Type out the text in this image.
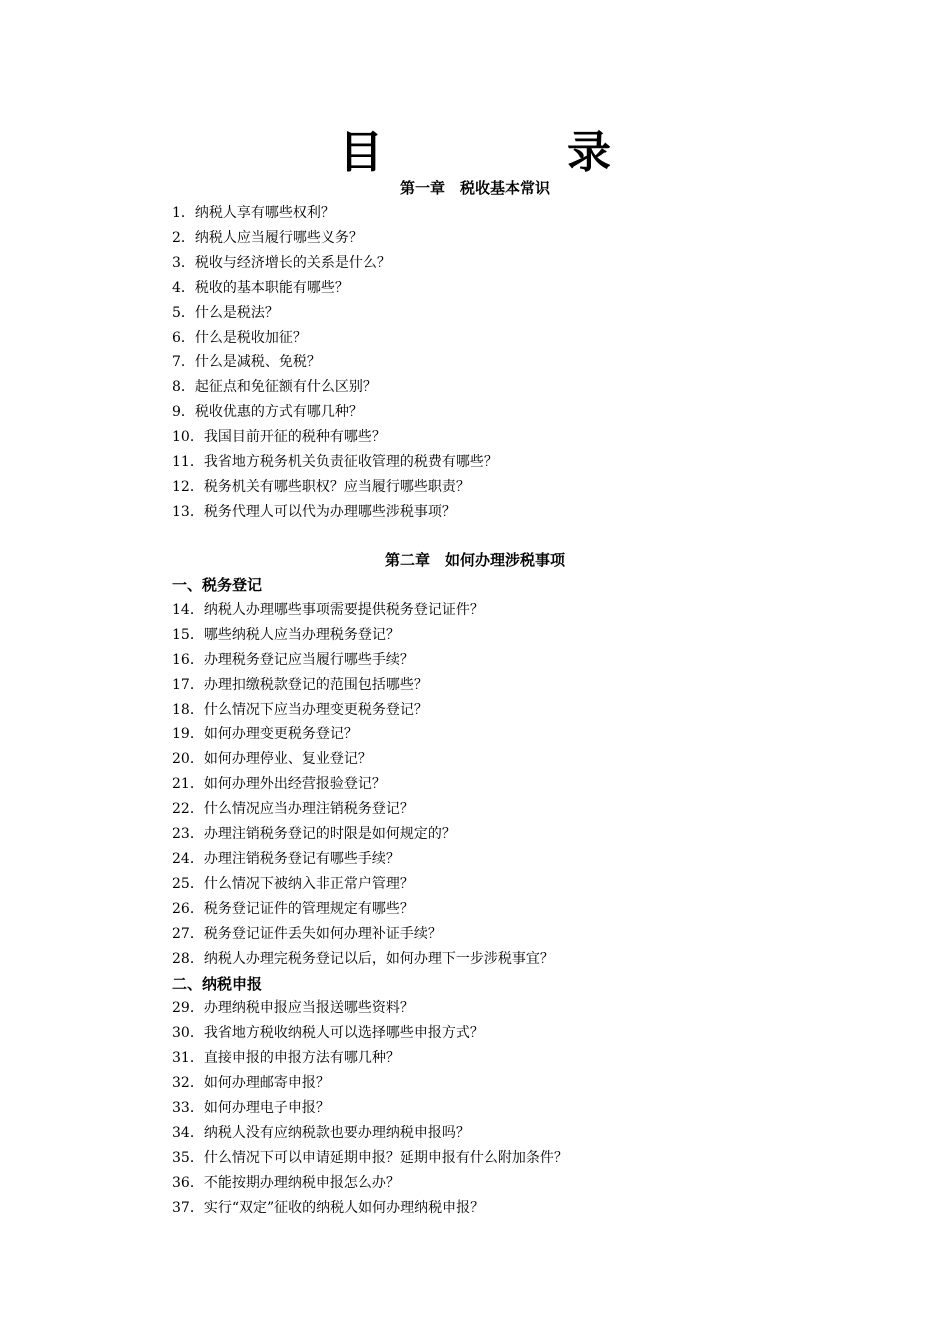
目　录
第一章　税收基本常识
1．纳税人享有哪些权利？
2．纳税人应当履行哪些义务？
3．税收与经济增长的关系是什么？
4．税收的基本职能有哪些？
5．什么是税法？
6．什么是税收加征？
7．什么是减税、免税？
8．起征点和免征额有什么区别？
9．税收优惠的方式有哪几种？
10．我国目前开征的税种有哪些？
11．我省地方税务机关负责征收管理的税费有哪些？
12．税务机关有哪些职权？应当履行哪些职责？
13．税务代理人可以代为办理哪些涉税事项？
第二章　如何办理涉税事项
一、税务登记
14．纳税人办理哪些事项需要提供税务登记证件？
15．哪些纳税人应当办理税务登记？
16．办理税务登记应当履行哪些手续？
17．办理扣缴税款登记的范围包括哪些？
18．什么情况下应当办理变更税务登记？
19．如何办理变更税务登记？
20．如何办理停业、复业登记？
21．如何办理外出经营报验登记？
22．什么情况应当办理注销税务登记？
23．办理注销税务登记的时限是如何规定的？
24．办理注销税务登记有哪些手续？
25．什么情况下被纳入非正常户管理？
26．税务登记证件的管理规定有哪些？
27．税务登记证件丢失如何办理补证手续？
28．纳税人办理完税务登记以后，如何办理下一步涉税事宜？
二、纳税申报
29．办理纳税申报应当报送哪些资料？
30．我省地方税收纳税人可以选择哪些申报方式？
31．直接申报的申报方法有哪几种？
32．如何办理邮寄申报？
33．如何办理电子申报？
34．纳税人没有应纳税款也要办理纳税申报吗？
35．什么情况下可以申请延期申报？延期申报有什么附加条件？
36．不能按期办理纳税申报怎么办？
37．实行“双定”征收的纳税人如何办理纳税申报？
